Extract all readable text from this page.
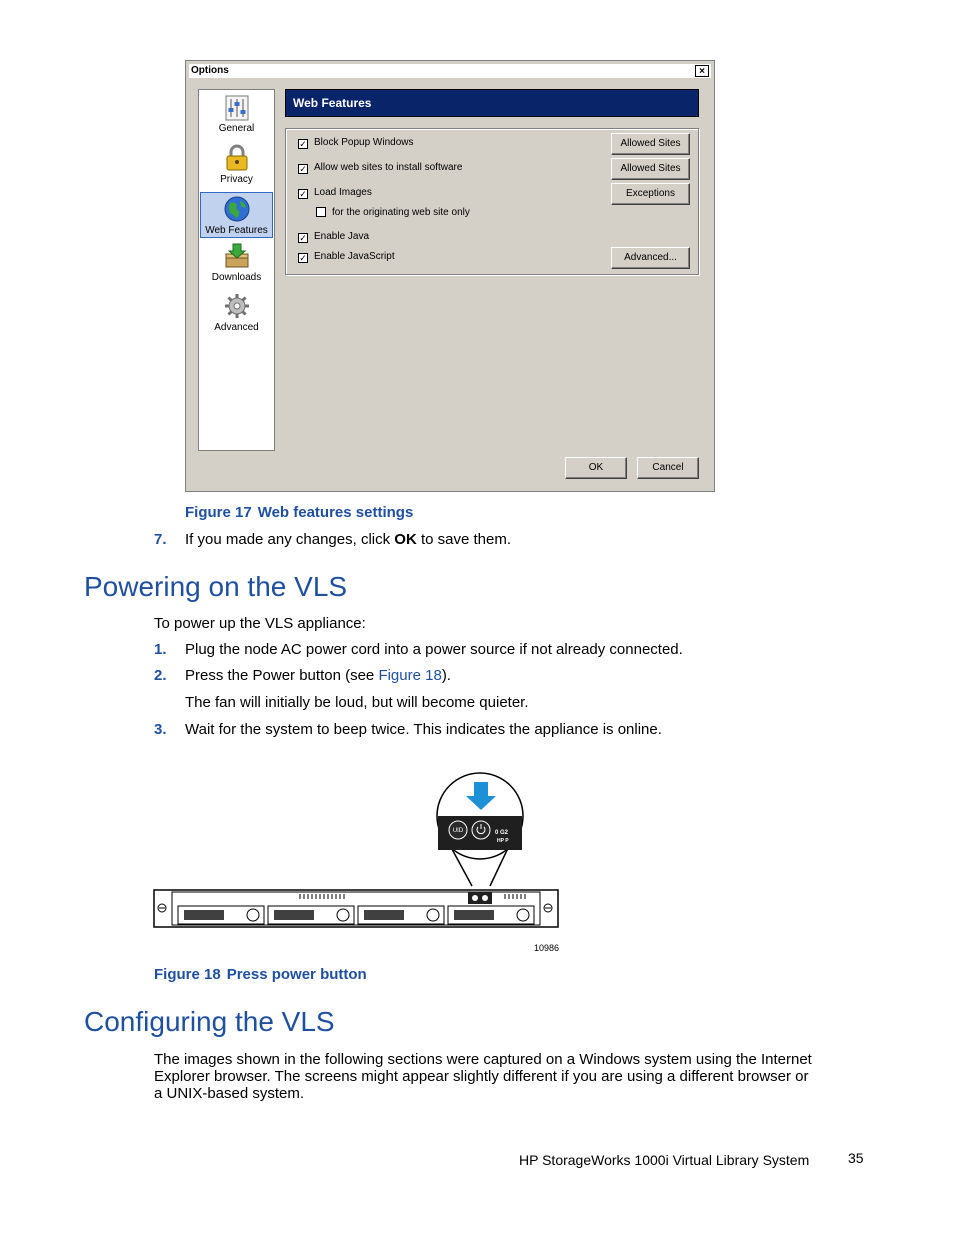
Options	×
General
Privacy
Web Features
Downloads
Advanced
Web Features
✓ Block Popup Windows
✓ Allow web sites to install software
✓ Load Images
for the originating web site only
✓ Enable Java
✓ Enable JavaScript
Allowed Sites
Allowed Sites
Exceptions
Advanced...
OK	Cancel
Figure 17 Web features settings
7. If you made any changes, click OK to save them.
Powering on the VLS
To power up the VLS appliance:
1. Plug the node AC power cord into a power source if not already connected.
2. Press the Power button (see Figure 18).
The fan will initially be loud, but will become quieter.
3. Wait for the system to beep twice. This indicates the appliance is online.
UID	0 G2
HP P
10986
Figure 18 Press power button
Configuring the VLS
The images shown in the following sections were captured on a Windows system using the Internet
Explorer browser. The screens might appear slightly different if you are using a different browser or
a UNIX-based system.
HP StorageWorks 1000i Virtual Library System	35
